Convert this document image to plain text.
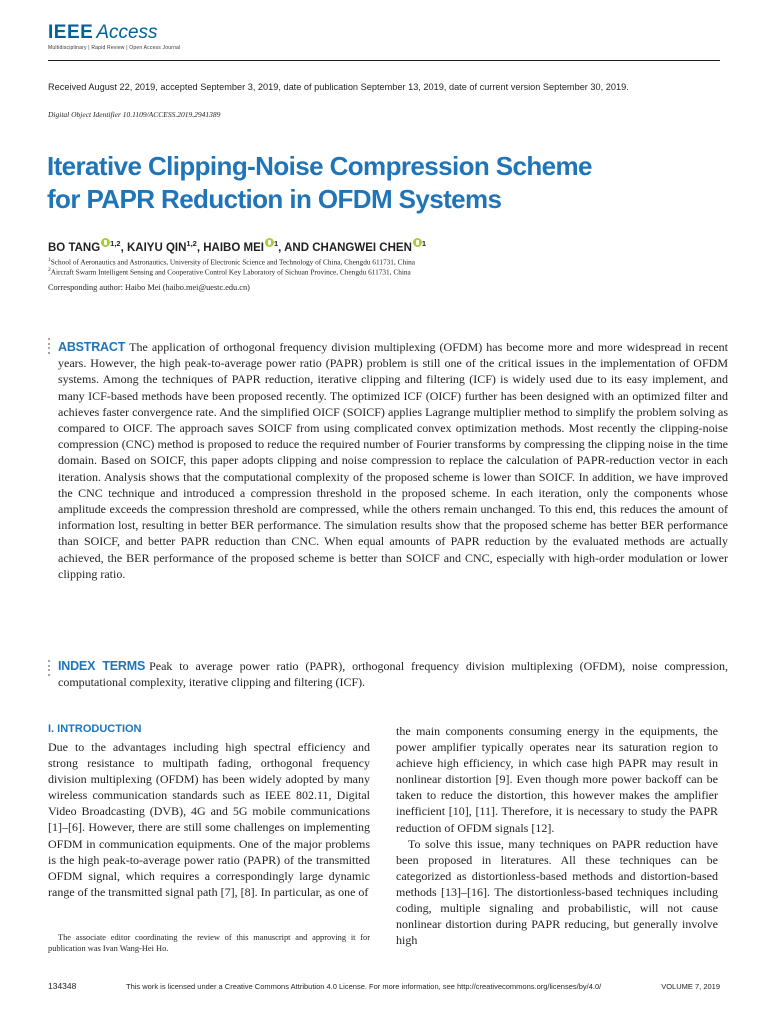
IEEE Access
Multidisciplinary | Rapid Review | Open Access Journal
Received August 22, 2019, accepted September 3, 2019, date of publication September 13, 2019, date of current version September 30, 2019.
Digital Object Identifier 10.1109/ACCESS.2019.2941389
Iterative Clipping-Noise Compression Scheme
for PAPR Reduction in OFDM Systems
BO TANG $^{1,2}$, KAIYU QIN$^{1,2}$, HAIBO MEI $^1$, AND CHANGWEI CHEN $^1$
$^1$School of Aeronautics and Astronautics, University of Electronic Science and Technology of China, Chengdu 611731, China
$^2$Aircraft Swarm Intelligent Sensing and Cooperative Control Key Laboratory of Sichuan Province, Chengdu 611731, China
Corresponding author: Haibo Mei (haibo.mei@uestc.edu.cn)
ABSTRACT The application of orthogonal frequency division multiplexing (OFDM) has become more and more widespread in recent years. However, the high peak-to-average power ratio (PAPR) problem is still one of the critical issues in the implementation of OFDM systems. Among the techniques of PAPR reduction, iterative clipping and filtering (ICF) is widely used due to its easy implement, and many ICF-based methods have been proposed recently. The optimized ICF (OICF) further has been designed with an optimized filter and achieves faster convergence rate. And the simplified OICF (SOICF) applies Lagrange multiplier method to simplify the problem solving as compared to OICF. The approach saves SOICF from using complicated convex optimization methods. Most recently the clipping-noise compression (CNC) method is proposed to reduce the required number of Fourier transforms by compressing the clipping noise in the time domain. Based on SOICF, this paper adopts clipping and noise compression to replace the calculation of PAPR-reduction vector in each iteration. Analysis shows that the computational complexity of the proposed scheme is lower than SOICF. In addition, we have improved the CNC technique and introduced a compression threshold in the proposed scheme. In each iteration, only the components whose amplitude exceeds the compression threshold are compressed, while the others remain unchanged. To this end, this reduces the amount of information lost, resulting in better BER performance. The simulation results show that the proposed scheme has better BER performance than SOICF, and better PAPR reduction than CNC. When equal amounts of PAPR reduction by the evaluated methods are actually achieved, the BER performance of the proposed scheme is better than SOICF and CNC, especially with high-order modulation or lower clipping ratio.
INDEX TERMS Peak to average power ratio (PAPR), orthogonal frequency division multiplexing (OFDM), noise compression, computational complexity, iterative clipping and filtering (ICF).
I. INTRODUCTION
Due to the advantages including high spectral efficiency and strong resistance to multipath fading, orthogonal frequency division multiplexing (OFDM) has been widely adopted by many wireless communication standards such as IEEE 802.11, Digital Video Broadcasting (DVB), 4G and 5G mobile communications [1]–[6]. However, there are still some challenges on implementing OFDM in communication equipments. One of the major problems is the high peak-to-average power ratio (PAPR) of the transmitted OFDM signal, which requires a correspondingly large dynamic range of the transmitted signal path [7], [8]. In particular, as one of
the main components consuming energy in the equipments, the power amplifier typically operates near its saturation region to achieve high efficiency, in which case high PAPR may result in nonlinear distortion [9]. Even though more power backoff can be taken to reduce the distortion, this however makes the amplifier inefficient [10], [11]. Therefore, it is necessary to study the PAPR reduction of OFDM signals [12].
To solve this issue, many techniques on PAPR reduction have been proposed in literatures. All these techniques can be categorized as distortionless-based methods and distortion-based methods [13]–[16]. The distortionless-based techniques including coding, multiple signaling and probabilistic, will not cause nonlinear distortion during PAPR reducing, but generally involve high
The associate editor coordinating the review of this manuscript and approving it for publication was Ivan Wang-Hei Ho.
134348	This work is licensed under a Creative Commons Attribution 4.0 License. For more information, see http://creativecommons.org/licenses/by/4.0/	VOLUME 7, 2019
